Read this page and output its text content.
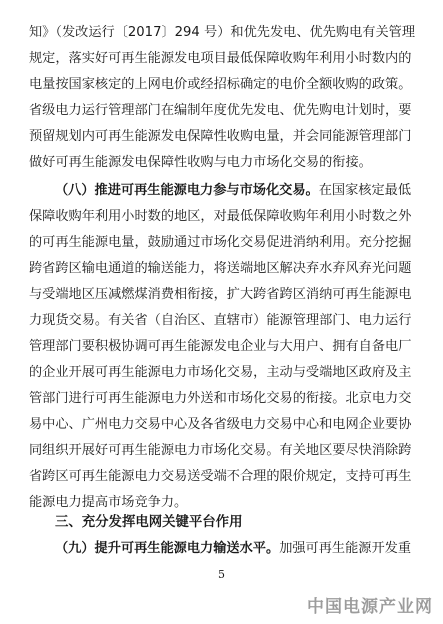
知》（发改运行〔2017〕294 号）和优先发电、优先购电有关管理
规定，落实好可再生能源发电项目最低保障收购年利用小时数内的
电量按国家核定的上网电价或经招标确定的电价全额收购的政策。
省级电力运行管理部门在编制年度优先发电、优先购电计划时，要
预留规划内可再生能源发电保障性收购电量，并会同能源管理部门
做好可再生能源发电保障性收购与电力市场化交易的衔接。
（八）推进可再生能源电力参与市场化交易。在国家核定最低
保障收购年利用小时数的地区，对最低保障收购年利用小时数之外
的可再生能源电量，鼓励通过市场化交易促进消纳利用。充分挖掘
跨省跨区输电通道的输送能力，将送端地区解决弃水弃风弃光问题
与受端地区压减燃煤消费相衔接，扩大跨省跨区消纳可再生能源电
力现货交易。有关省（自治区、直辖市）能源管理部门、电力运行
管理部门要积极协调可再生能源发电企业与大用户、拥有自备电厂
的企业开展可再生能源电力市场化交易，主动与受端地区政府及主
管部门进行可再生能源电力外送和市场化交易的衔接。北京电力交
易中心、广州电力交易中心及各省级电力交易中心和电网企业要协
同组织开展好可再生能源电力市场化交易。有关地区要尽快消除跨
省跨区可再生能源电力交易送受端不合理的限价规定，支持可再生
能源电力提高市场竞争力。
三、充分发挥电网关键平台作用
（九）提升可再生能源电力输送水平。加强可再生能源开发重
5
中国电源产业网
